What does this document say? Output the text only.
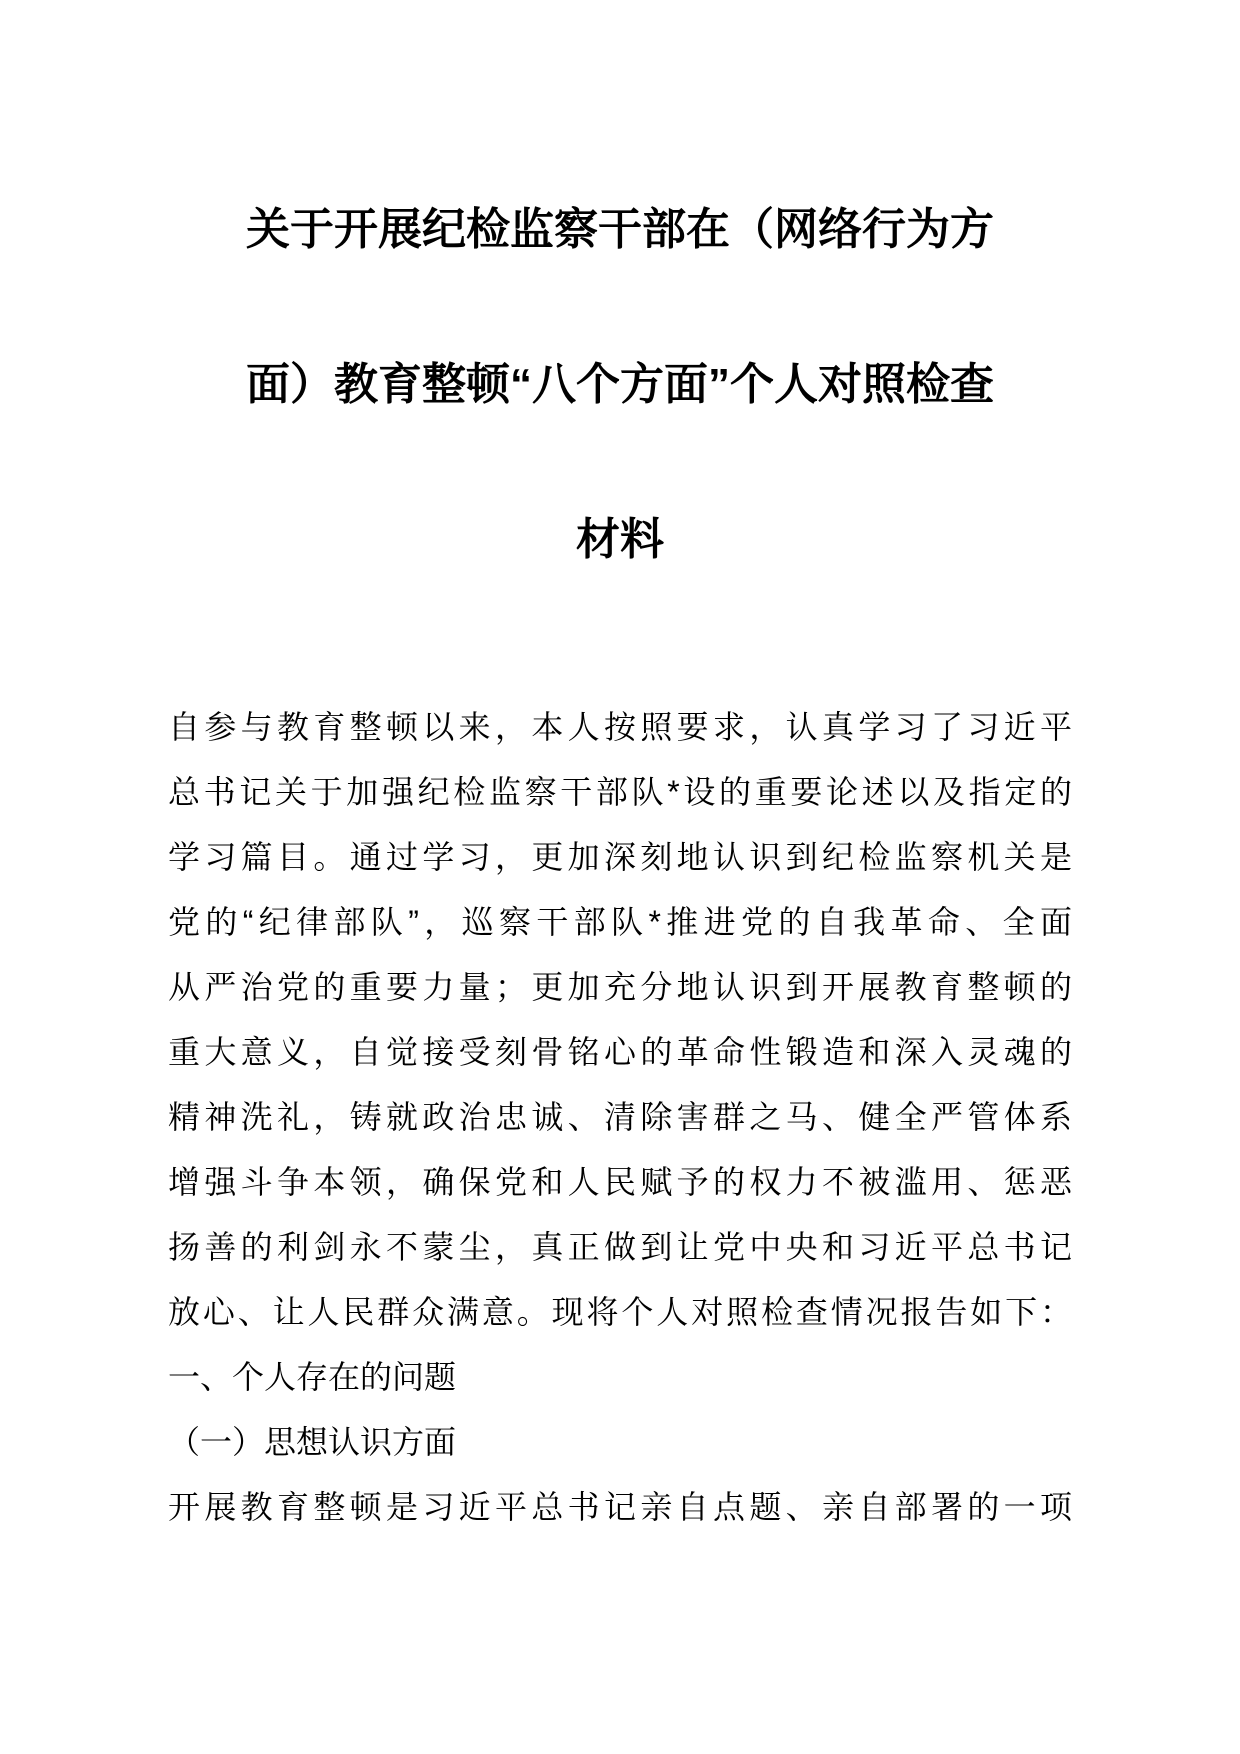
关于开展纪检监察干部在（网络行为方
面）教育整顿“八个方面”个人对照检查
材料
自参与教育整顿以来，本人按照要求，认真学习了习近平
总书记关于加强纪检监察干部队*设的重要论述以及指定的
学习篇目。通过学习，更加深刻地认识到纪检监察机关是
党的“纪律部队”，巡察干部队*推进党的自我革命、全面
从严治党的重要力量；更加充分地认识到开展教育整顿的
重大意义，自觉接受刻骨铭心的革命性锻造和深入灵魂的
精神洗礼，铸就政治忠诚、清除害群之马、健全严管体系
增强斗争本领，确保党和人民赋予的权力不被滥用、惩恶
扬善的利剑永不蒙尘，真正做到让党中央和习近平总书记
放心、让人民群众满意。现将个人对照检查情况报告如下：
一、个人存在的问题
（一）思想认识方面
开展教育整顿是习近平总书记亲自点题、亲自部署的一项
